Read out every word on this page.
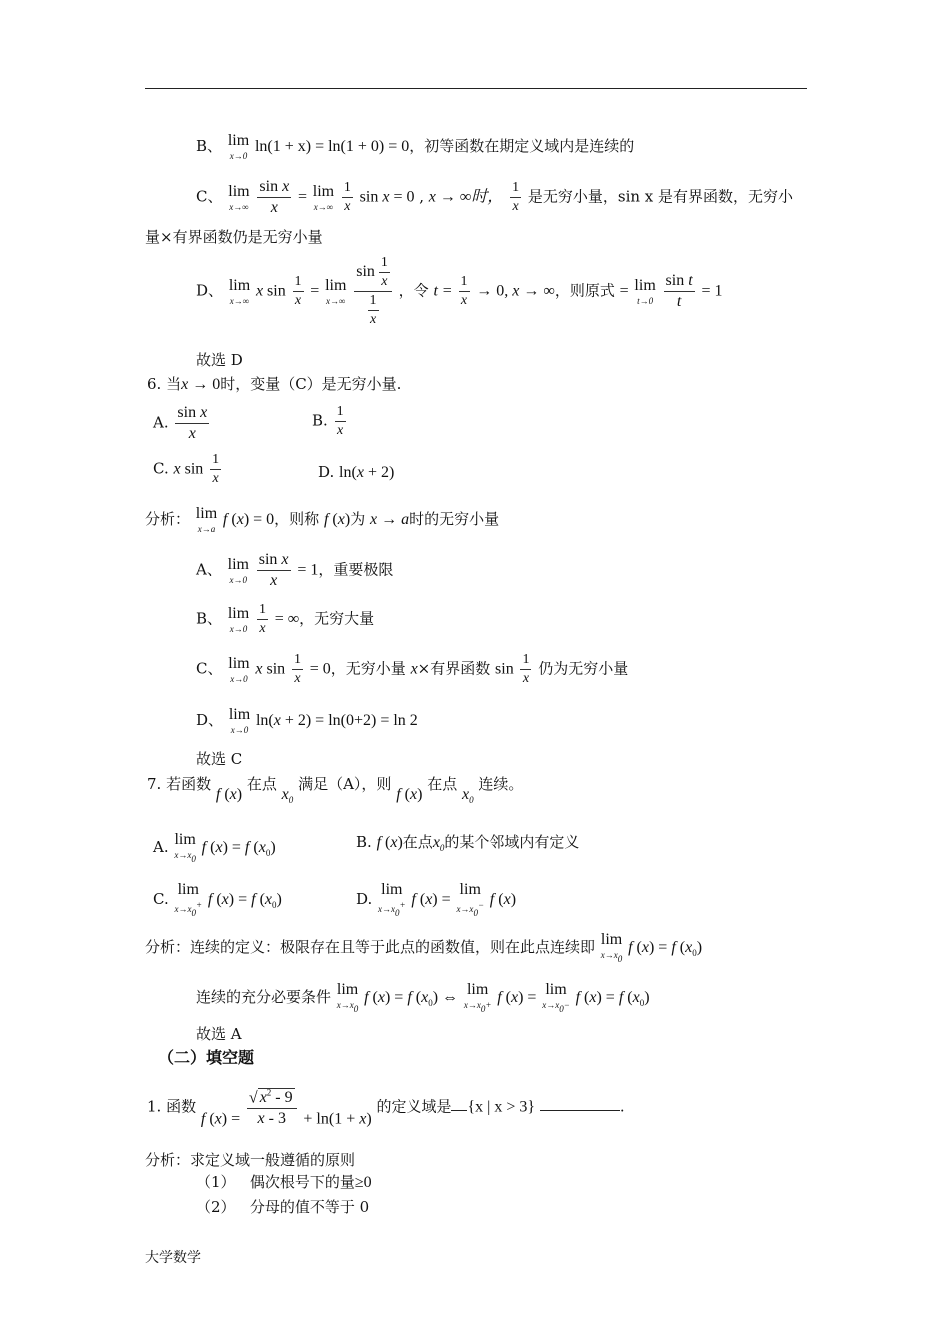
B、 lim
x→0
ln(1 + x) = ln(1 + 0) = 0，初等函数在期定义域内是连续的
C、 lim
x→∞
$\frac{\text{sin x}}{x} = \lim$
x→∞
$\frac{1}{x}$ sin x = 0 , x → ∞时， $\frac{1}{x}$ 是无穷小量，sin x 是有界函数，无穷小
量×有界函数仍是无穷小量
D、 lim
x→∞
x $\sin \frac{1}{x} = \lim$
x→∞
$\frac{\sin \frac{1}{x}}{\frac{1}{x}}$ ，令 $t = \frac{1}{x} \to 0$, x → ∞，则原式 = lim
t→0
$\frac{\text{sin t}}{t} = 1$
故选 D
6. 当x → 0时，变量（C）是无穷小量.
A. $\frac{\text{sin x}}{x}$	B. $\frac{1}{x}$
C. x $\sin \frac{1}{x}$	D. ln(x + 2)
分析： lim
x→a
f (x) = 0，则称 f (x)为 x → a时的无穷小量
A、 lim
x→0
$\frac{\text{sin x}}{x} = 1$，重要极限
B、 lim
x→0
$\frac{1}{x}$ = ∞，无穷大量
C、 lim
x→0
x $\sin \frac{1}{x} = 0$，无穷小量 x×有界函数 $\sin \frac{1}{x}$ 仍为无穷小量
D、 lim
x→0
ln(x + 2) = ln(0+2) = ln 2
故选 C
7. 若函数 f (x) 在点 $x_0$ 满足（A），则 f (x) 在点 $x_0$ 连续。
A. lim
$x\to x_0$
f (x) = f $(x_0)$	B. f (x)在点$x_0$的某个邻域内有定义
C.
lim
$x\to x_0^+$ f (x) = f $(x_0)$	D.
lim
$x\to x_0^+$ f (x) =
lim
$x\to x_0^-$ f (x)
分析：连续的定义：极限存在且等于此点的函数值，则在此点连续即 lim
$x\to x_0$
f (x) = f $(x_0)$
连续的充分必要条件 lim
$x\to x_0$
f (x) = f $(x_0)$ ⇔ lim
$x\to x_0+ f$ (x) = lim
$x\to x_0- f$ (x) = f $(x_0)$
故选 A
（二）填空题
1. 函数 f $(x) = \frac{√ x^2 - 9}{x - 3} + \ln(1 + x)$ 的定义域是 {x | x > 3}	.
分析：求定义域一般遵循的原则
（1） 偶次根号下的量≥0
（2） 分母的值不等于 0
大学数学
